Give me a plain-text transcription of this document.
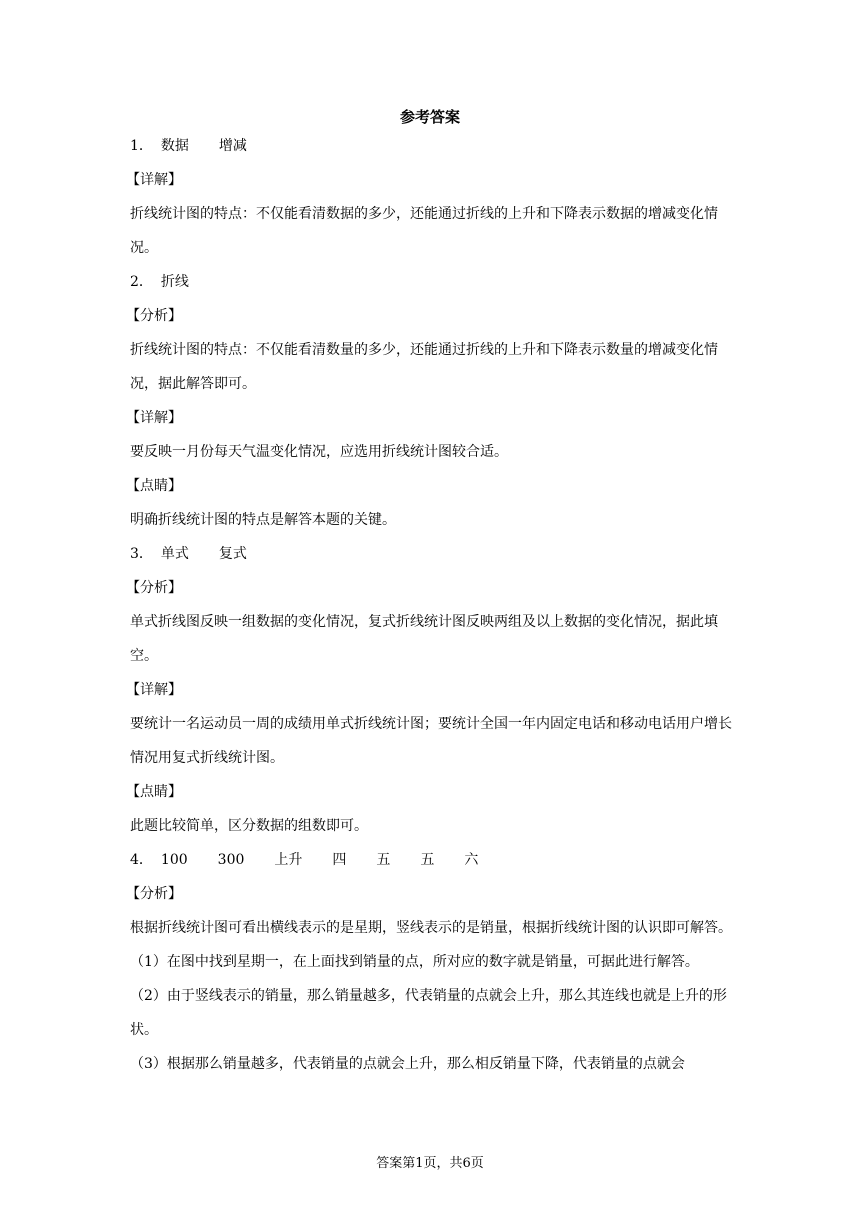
参考答案
1． 数据 增减
【详解】
折线统计图的特点：不仅能看清数据的多少，还能通过折线的上升和下降表示数据的增减变化情况。
2． 折线
【分析】
折线统计图的特点：不仅能看清数量的多少，还能通过折线的上升和下降表示数量的增减变化情况，据此解答即可。
【详解】
要反映一月份每天气温变化情况，应选用折线统计图较合适。
【点睛】
明确折线统计图的特点是解答本题的关键。
3． 单式 复式
【分析】
单式折线图反映一组数据的变化情况，复式折线统计图反映两组及以上数据的变化情况，据此填空。
【详解】
要统计一名运动员一周的成绩用单式折线统计图；要统计全国一年内固定电话和移动电话用户增长情况用复式折线统计图。
【点睛】
此题比较简单，区分数据的组数即可。
4． 100 300 上升 四 五 五 六
【分析】
根据折线统计图可看出横线表示的是星期，竖线表示的是销量，根据折线统计图的认识即可解答。
（1）在图中找到星期一，在上面找到销量的点，所对应的数字就是销量，可据此进行解答。
（2）由于竖线表示的销量，那么销量越多，代表销量的点就会上升，那么其连线也就是上升的形状。
（3）根据那么销量越多，代表销量的点就会上升，那么相反销量下降，代表销量的点就会
答案第1页，共6页
